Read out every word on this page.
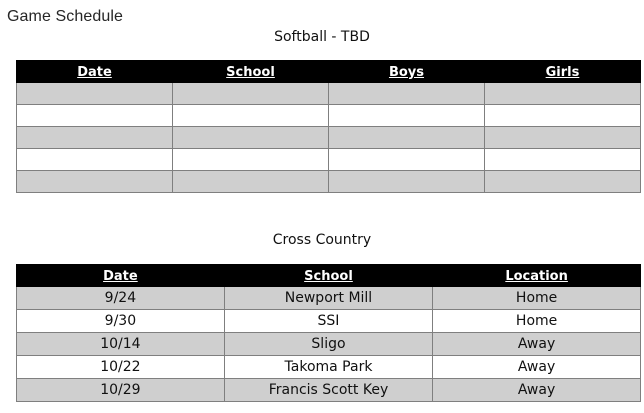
Game Schedule
Softball - TBD
Date	School	Boys	Girls

Cross Country
Date	School	Location
9/24	Newport Mill	Home
9/30	SSI	Home
10/14	Sligo	Away
10/22	Takoma Park	Away
10/29	Francis Scott Key	Away
